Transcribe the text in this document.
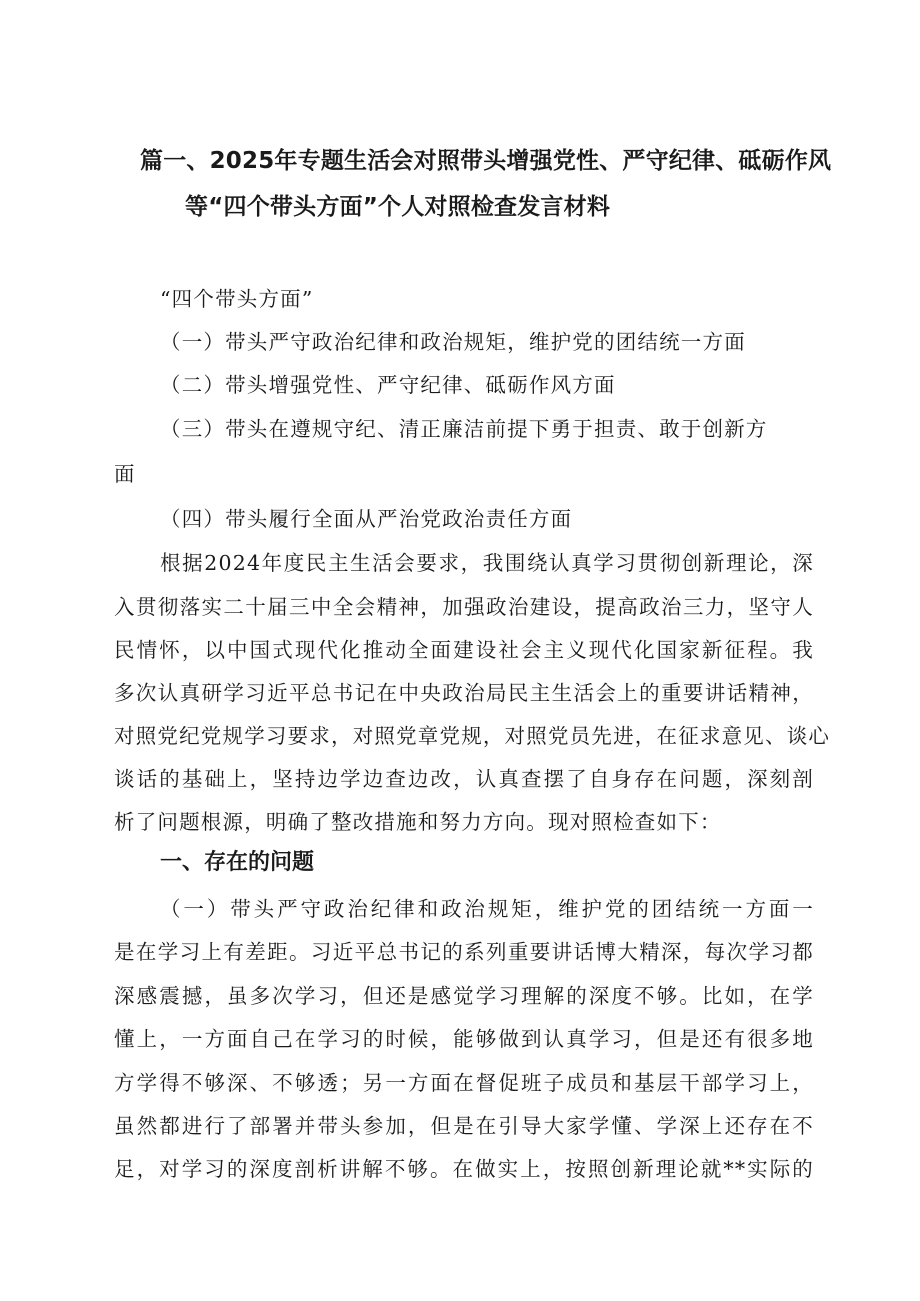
篇一、2025年专题生活会对照带头增强党性、严守纪律、砥砺作风
等“四个带头方面”个人对照检查发言材料
“四个带头方面”
（一）带头严守政治纪律和政治规矩，维护党的团结统一方面
（二）带头增强党性、严守纪律、砥砺作风方面
（三）带头在遵规守纪、清正廉洁前提下勇于担责、敢于创新方
面
（四）带头履行全面从严治党政治责任方面
根据2024年度民主生活会要求，我围绕认真学习贯彻创新理论，深
入贯彻落实二十届三中全会精神，加强政治建设，提高政治三力，坚守人
民情怀，以中国式现代化推动全面建设社会主义现代化国家新征程。我
多次认真研学习近平总书记在中央政治局民主生活会上的重要讲话精神，
对照党纪党规学习要求，对照党章党规，对照党员先进，在征求意见、谈心
谈话的基础上，坚持边学边查边改，认真查摆了自身存在问题，深刻剖
析了问题根源，明确了整改措施和努力方向。现对照检查如下：
一、存在的问题
（一）带头严守政治纪律和政治规矩，维护党的团结统一方面一
是在学习上有差距。习近平总书记的系列重要讲话博大精深，每次学习都
深感震撼，虽多次学习，但还是感觉学习理解的深度不够。比如，在学
懂上，一方面自己在学习的时候，能够做到认真学习，但是还有很多地
方学得不够深、不够透；另一方面在督促班子成员和基层干部学习上，
虽然都进行了部署并带头参加，但是在引导大家学懂、学深上还存在不
足，对学习的深度剖析讲解不够。在做实上，按照创新理论就**实际的
